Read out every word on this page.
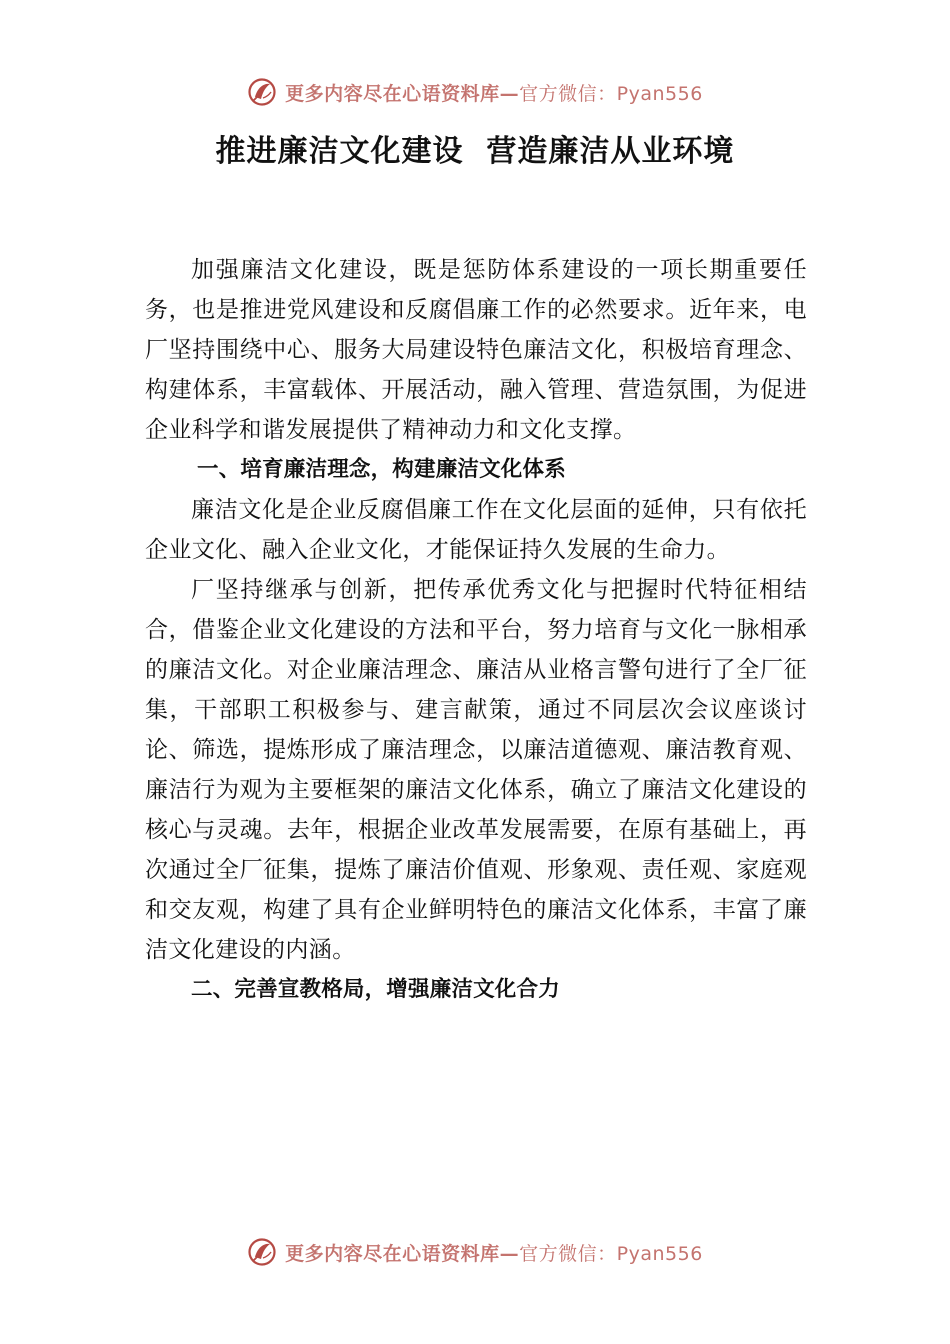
更多内容尽在心语资料库—官方微信：Pyan556
推进廉洁文化建设  营造廉洁从业环境

加强廉洁文化建设，既是惩防体系建设的一项长期重要任务，也是推进党风建设和反腐倡廉工作的必然要求。近年来，电厂坚持围绕中心、服务大局建设特色廉洁文化，积极培育理念、构建体系，丰富载体、开展活动，融入管理、营造氛围，为促进企业科学和谐发展提供了精神动力和文化支撑。

一、培育廉洁理念，构建廉洁文化体系

廉洁文化是企业反腐倡廉工作在文化层面的延伸，只有依托企业文化、融入企业文化，才能保证持久发展的生命力。

厂坚持继承与创新，把传承优秀文化与把握时代特征相结合，借鉴企业文化建设的方法和平台，努力培育与文化一脉相承的廉洁文化。对企业廉洁理念、廉洁从业格言警句进行了全厂征集，干部职工积极参与、建言献策，通过不同层次会议座谈讨论、筛选，提炼形成了廉洁理念，以廉洁道德观、廉洁教育观、廉洁行为观为主要框架的廉洁文化体系，确立了廉洁文化建设的核心与灵魂。去年，根据企业改革发展需要，在原有基础上，再次通过全厂征集，提炼了廉洁价值观、形象观、责任观、家庭观和交友观，构建了具有企业鲜明特色的廉洁文化体系，丰富了廉洁文化建设的内涵。

二、完善宣教格局，增强廉洁文化合力
更多内容尽在心语资料库—官方微信：Pyan556
